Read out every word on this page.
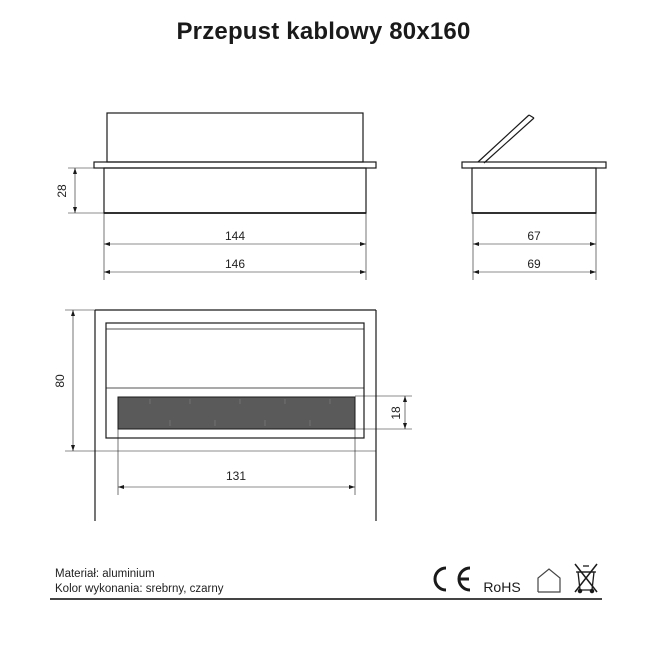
Przepust kablowy 80x160
144
146
67
69
131
28
80
18
RoHS
Materiał: aluminium
Kolor wykonania: srebrny, czarny
